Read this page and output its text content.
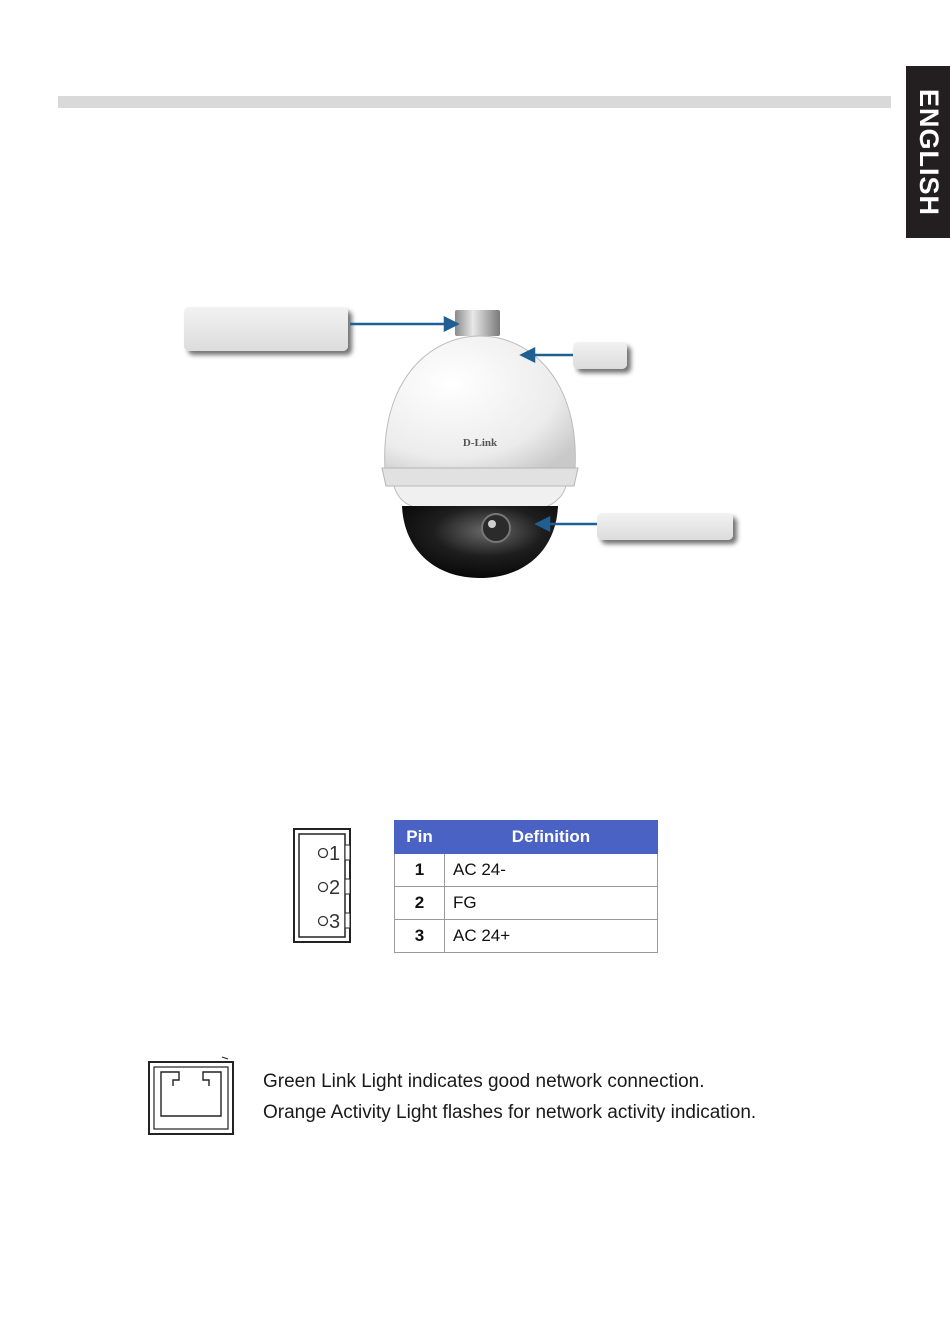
ENGLISH
D-Link
1
2
3
Pin	Definition
1	AC 24-
2	FG
3	AC 24+
Green Link Light indicates good network connection.
Orange Activity Light flashes for network activity indication.
